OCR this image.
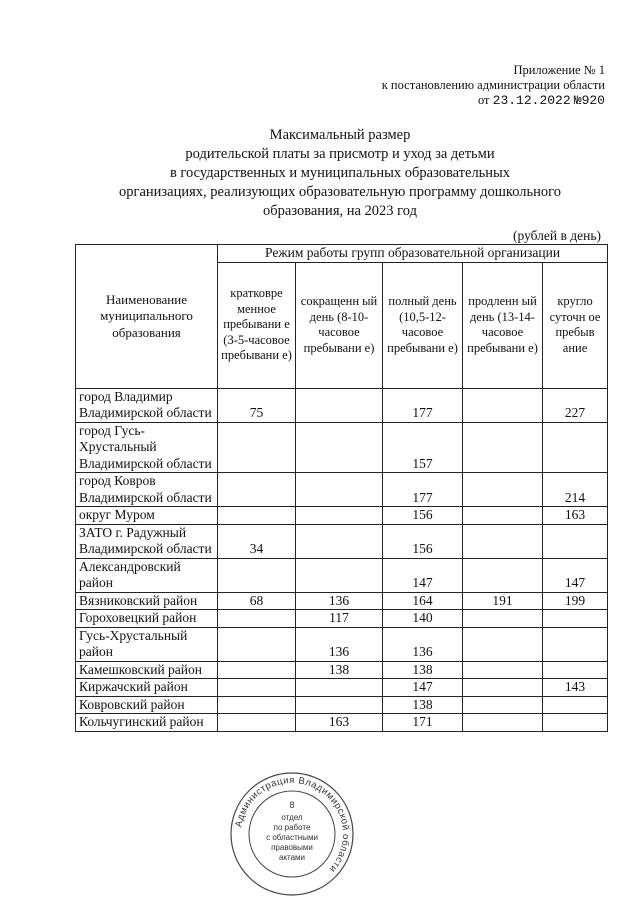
Приложение № 1
к постановлению администрации области
от 23.12.2022 №920
Максимальный размер
родительской платы за присмотр и уход за детьми
в государственных и муниципальных образовательных
организациях, реализующих образовательную программу дошкольного
образования, на 2023 год
(рублей в день)
Наименование муниципального образования	Режим работы групп образовательной организации				
	кратковре менное пребывани е (3-5-часовое пребывани е)	сокращенн ый день (8-10-часовое пребывани е)	полный день (10,5-12-часовое пребывани е)	продленн ый день (13-14-часовое пребывани е)	кругло суточн ое пребыв ание
город Владимир Владимирской области	75		177		227
город Гусь-Хрустальный Владимирской области			157		
город Ковров Владимирской области			177		214
округ Муром			156		163
ЗАТО г. Радужный Владимирской области	34		156		
Александровский район			147		147
Вязниковский район	68	136	164	191	199
Гороховецкий район		117	140		
Гусь-Хрустальный район		136	136		
Камешковский район		138	138		
Киржачский район			147		143
Ковровский район			138		
Кольчугинский район		163	171		
Администрация Владимирской области
8
отдел
по работе
с областными
правовыми
актами
